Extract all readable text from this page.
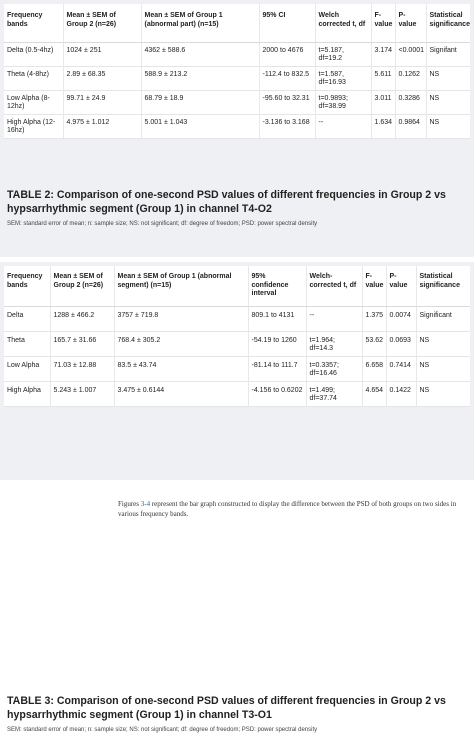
Frequency bands	Mean ± SEM of Group 2 (n=26)	Mean ± SEM of Group 1 (abnormal part) (n=15)	95% CI	Welch corrected t, df	F-value	P-value	Statistical significance
Delta (0.5-4hz)	1024 ± 251	4362 ± 588.6	2000 to 4676	t=5.187, df=19.2	3.174	<0.0001	Signifant
Theta (4-8hz)	2.89 ± 68.35	588.9 ± 213.2	-112.4 to 832.5	t=1.587, df=16.93	5.611	0.1262	NS
Low Alpha (8-12hz)	99.71 ± 24.9	68.79 ± 18.9	-95.60 to 32.31	t=0.9893; df=38.99	3.011	0.3286	NS
High Alpha (12-16hz)	4.975 ± 1.012	5.001 ± 1.043	-3.136 to 3.168	--	1.634	0.9864	NS
TABLE 2: Comparison of one-second PSD values of different frequencies in Group 2 vs hypsarrhythmic segment (Group 1) in channel T4-O2
SEM: standard error of mean; n: sample size; NS: not significant; df: degree of freedom; PSD: power spectral density
Frequency bands	Mean ± SEM of Group 2 (n=26)	Mean ± SEM of Group 1 (abnormal segment) (n=15)	95% confidence interval	Welch-corrected t, df	F-value	P-value	Statistical significance
Delta	1288 ± 466.2	3757 ± 719.8	809.1 to 4131	--	1.375	0.0074	Significant
Theta	165.7 ± 31.66	768.4 ± 305.2	-54.19 to 1260	t=1.964; df=14.3	53.62	0.0693	NS
Low Alpha	71.03 ± 12.88	83.5 ± 43.74	-81.14 to 111.7	t=0.3357; df=16.46	6.658	0.7414	NS
High Alpha	5.243 ± 1.007	3.475 ± 0.6144	-4.156 to 0.6202	t=1.499; df=37.74	4.654	0.1422	NS
TABLE 3: Comparison of one-second PSD values of different frequencies in Group 2 vs hypsarrhythmic segment (Group 1) in channel T3-O1
SEM: standard error of mean; n: sample size; NS: not significant; df: degree of freedom; PSD: power spectral density
Figures 3-4 represent the bar graph constructed to display the difference between the PSD of both groups on two sides in various frequency bands.
